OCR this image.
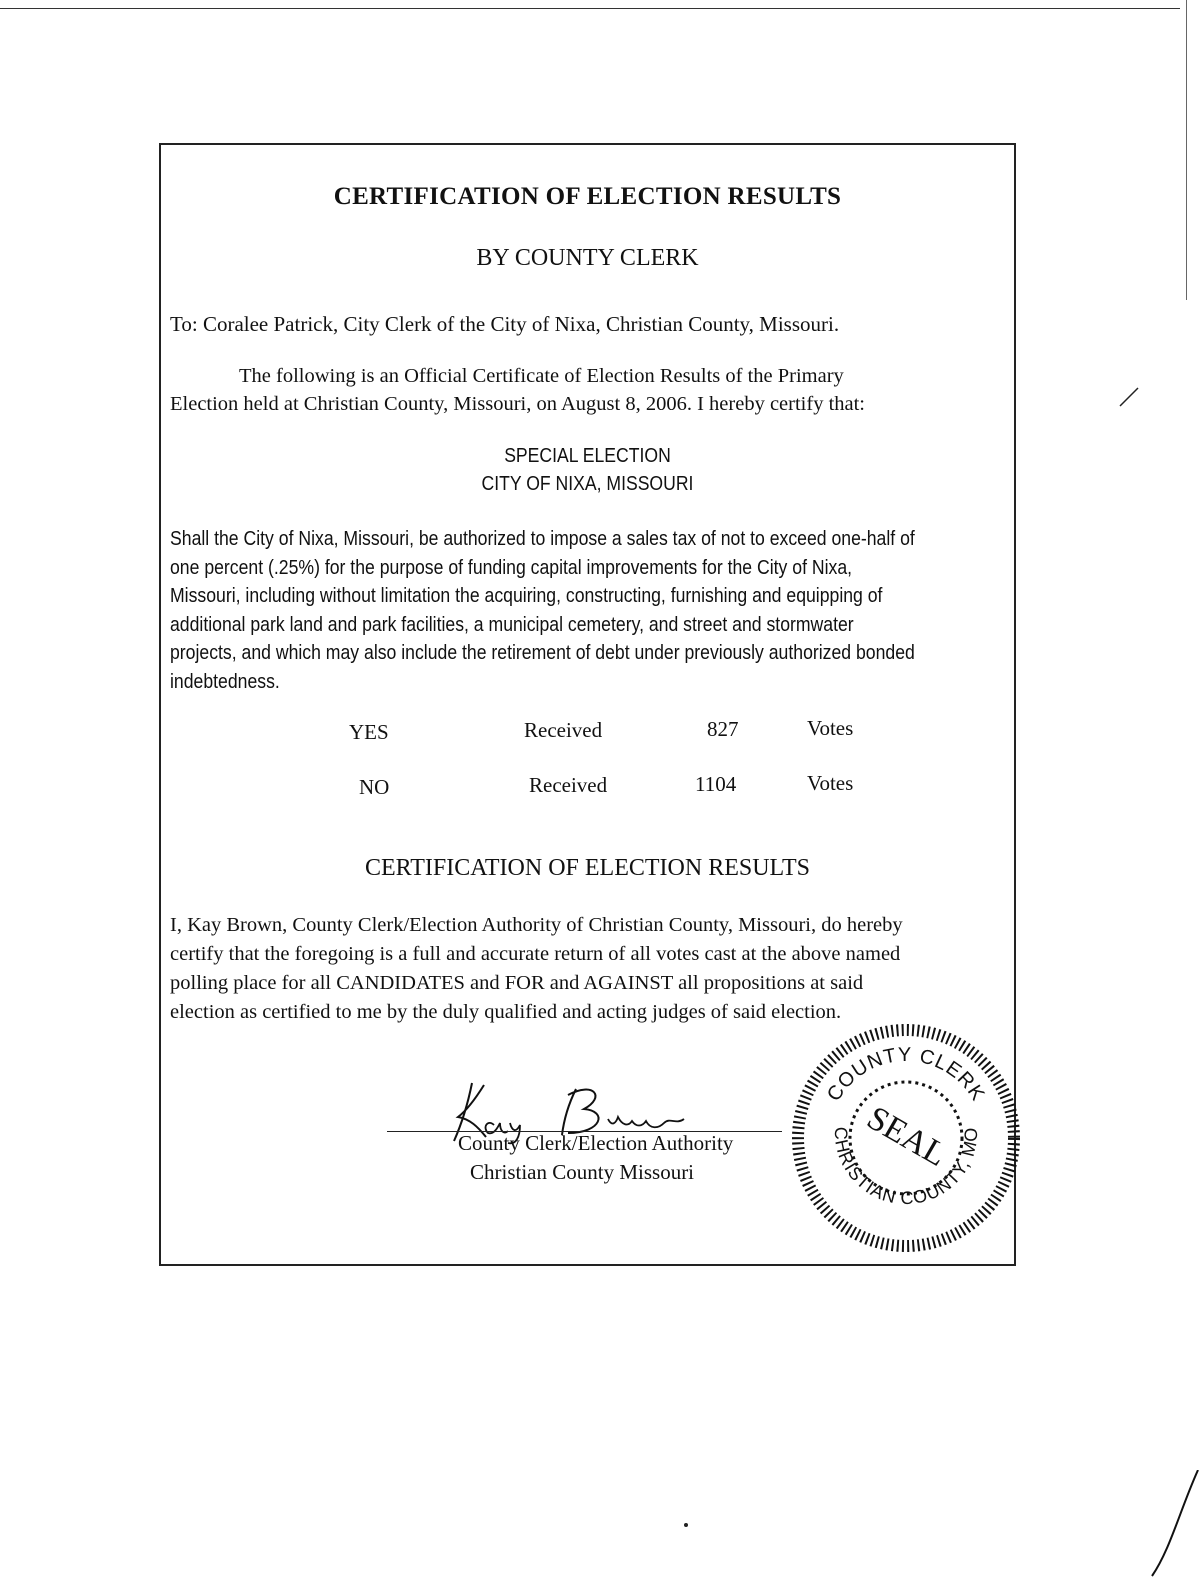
CERTIFICATION OF ELECTION RESULTS
BY COUNTY CLERK
To: Coralee Patrick, City Clerk of the City of Nixa, Christian County, Missouri.
The following is an Official Certificate of Election Results of the Primary
Election held at Christian County, Missouri, on August 8, 2006. I hereby certify that:
SPECIAL ELECTION
CITY OF NIXA, MISSOURI
Shall the City of Nixa, Missouri, be authorized to impose a sales tax of not to exceed one-half of
one percent (.25%) for the purpose of funding capital improvements for the City of Nixa,
Missouri, including without limitation the acquiring, constructing, furnishing and equipping of
additional park land and park facilities, a municipal cemetery, and street and stormwater
projects, and which may also include the retirement of debt under previously authorized bonded
indebtedness.
YES	Received	827	Votes
NO	Received	1104	Votes
CERTIFICATION OF ELECTION RESULTS
I, Kay Brown, County Clerk/Election Authority of Christian County, Missouri, do hereby
certify that the foregoing is a full and accurate return of all votes cast at the above named
polling place for all CANDIDATES and FOR and AGAINST all propositions at said
election as certified to me by the duly qualified and acting judges of said election.
County Clerk/Election Authority
Christian County Missouri
COUNTY CLERK
CHRISTIAN COUNTY, MO
SEAL
